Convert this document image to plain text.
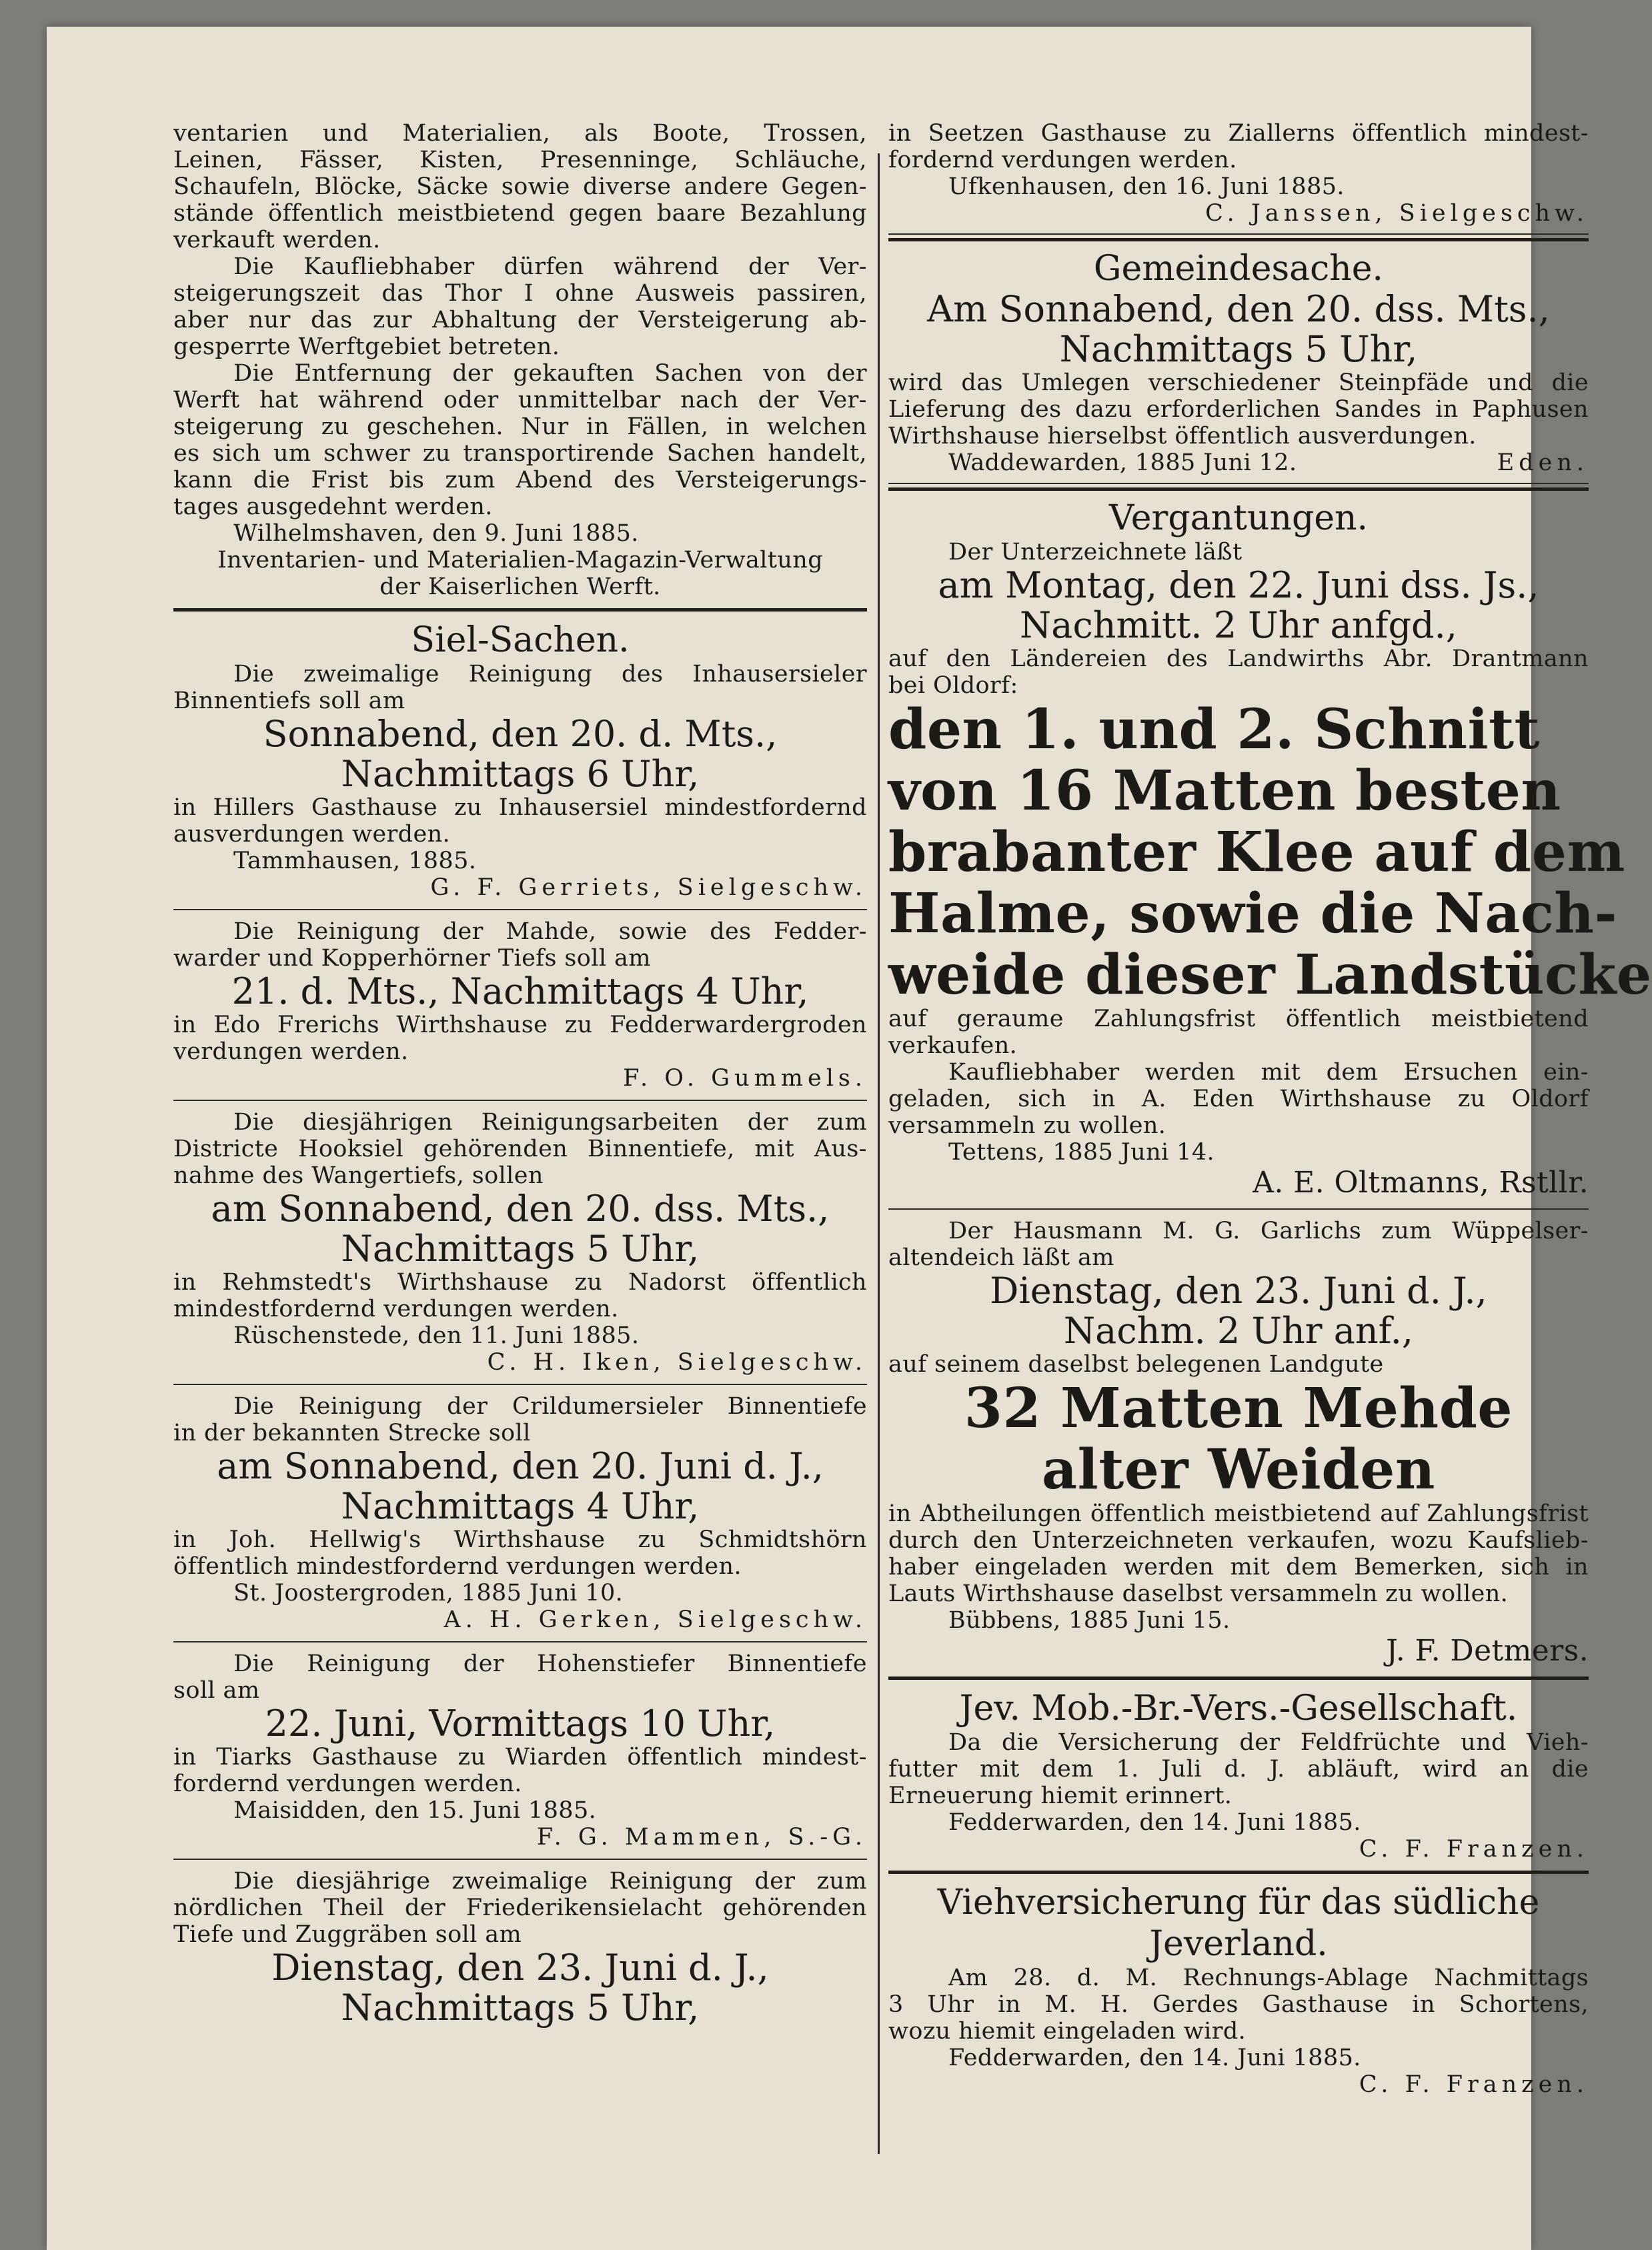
ventarien und Materialien, als Boote, Trossen,
Leinen, Fässer, Kisten, Presenninge, Schläuche,
Schaufeln, Blöcke, Säcke sowie diverse andere Gegen-
stände öffentlich meistbietend gegen baare Bezahlung
verkauft werden.
Die Kaufliebhaber dürfen während der Ver-
steigerungszeit das Thor I ohne Ausweis passiren,
aber nur das zur Abhaltung der Versteigerung ab-
gesperrte Werftgebiet betreten.
Die Entfernung der gekauften Sachen von der
Werft hat während oder unmittelbar nach der Ver-
steigerung zu geschehen. Nur in Fällen, in welchen
es sich um schwer zu transportirende Sachen handelt,
kann die Frist bis zum Abend des Versteigerungs-
tages ausgedehnt werden.
Wilhelmshaven, den 9. Juni 1885.
Inventarien- und Materialien-Magazin-Verwaltung
der Kaiserlichen Werft.
Siel-Sachen.
Die zweimalige Reinigung des Inhausersieler
Binnentiefs soll am
Sonnabend, den 20. d. Mts.,
Nachmittags 6 Uhr,
in Hillers Gasthause zu Inhausersiel mindestfordernd
ausverdungen werden.
Tammhausen, 1885.
G. F. Gerriets, Sielgeschw.
Die Reinigung der Mahde, sowie des Fedder-
warder und Kopperhörner Tiefs soll am
21. d. Mts., Nachmittags 4 Uhr,
in Edo Frerichs Wirthshause zu Fedderwardergroden
verdungen werden.
F. O. Gummels.
Die diesjährigen Reinigungsarbeiten der zum
Districte Hooksiel gehörenden Binnentiefe, mit Aus-
nahme des Wangertiefs, sollen
am Sonnabend, den 20. dss. Mts.,
Nachmittags 5 Uhr,
in Rehmstedt's Wirthshause zu Nadorst öffentlich
mindestfordernd verdungen werden.
Rüschenstede, den 11. Juni 1885.
C. H. Iken, Sielgeschw.
Die Reinigung der Crildumersieler Binnentiefe
in der bekannten Strecke soll
am Sonnabend, den 20. Juni d. J.,
Nachmittags 4 Uhr,
in Joh. Hellwig's Wirthshause zu Schmidtshörn
öffentlich mindestfordernd verdungen werden.
St. Joostergroden, 1885 Juni 10.
A. H. Gerken, Sielgeschw.
Die Reinigung der Hohenstiefer Binnentiefe
soll am
22. Juni, Vormittags 10 Uhr,
in Tiarks Gasthause zu Wiarden öffentlich mindest-
fordernd verdungen werden.
Maisidden, den 15. Juni 1885.
F. G. Mammen, S.-G.
Die diesjährige zweimalige Reinigung der zum
nördlichen Theil der Friederikensielacht gehörenden
Tiefe und Zuggräben soll am
Dienstag, den 23. Juni d. J.,
Nachmittags 5 Uhr,
in Seetzen Gasthause zu Ziallerns öffentlich mindest-
fordernd verdungen werden.
Ufkenhausen, den 16. Juni 1885.
C. Janssen, Sielgeschw.
Gemeindesache.
Am Sonnabend, den 20. dss. Mts.,
Nachmittags 5 Uhr,
wird das Umlegen verschiedener Steinpfäde und die
Lieferung des dazu erforderlichen Sandes in Paphusen
Wirthshause hierselbst öffentlich ausverdungen.
Waddewarden, 1885 Juni 12.	Eden.
Vergantungen.
Der Unterzeichnete läßt
am Montag, den 22. Juni dss. Js.,
Nachmitt. 2 Uhr anfgd.,
auf den Ländereien des Landwirths Abr. Drantmann
bei Oldorf:
den 1. und 2. Schnitt
von 16 Matten besten
brabanter Klee auf dem
Halme, sowie die Nach-
weide dieser Landstücke
auf geraume Zahlungsfrist öffentlich meistbietend
verkaufen.
Kaufliebhaber werden mit dem Ersuchen ein-
geladen, sich in A. Eden Wirthshause zu Oldorf
versammeln zu wollen.
Tettens, 1885 Juni 14.
A. E. Oltmanns, Rstllr.
Der Hausmann M. G. Garlichs zum Wüppelser-
altendeich läßt am
Dienstag, den 23. Juni d. J.,
Nachm. 2 Uhr anf.,
auf seinem daselbst belegenen Landgute
32 Matten Mehde
alter Weiden
in Abtheilungen öffentlich meistbietend auf Zahlungsfrist
durch den Unterzeichneten verkaufen, wozu Kaufslieb-
haber eingeladen werden mit dem Bemerken, sich in
Lauts Wirthshause daselbst versammeln zu wollen.
Bübbens, 1885 Juni 15.
J. F. Detmers.
Jev. Mob.-Br.-Vers.-Gesellschaft.
Da die Versicherung der Feldfrüchte und Vieh-
futter mit dem 1. Juli d. J. abläuft, wird an die
Erneuerung hiemit erinnert.
Fedderwarden, den 14. Juni 1885.
C. F. Franzen.
Viehversicherung für das südliche
Jeverland.
Am 28. d. M. Rechnungs-Ablage Nachmittags
3 Uhr in M. H. Gerdes Gasthause in Schortens,
wozu hiemit eingeladen wird.
Fedderwarden, den 14. Juni 1885.
C. F. Franzen.
